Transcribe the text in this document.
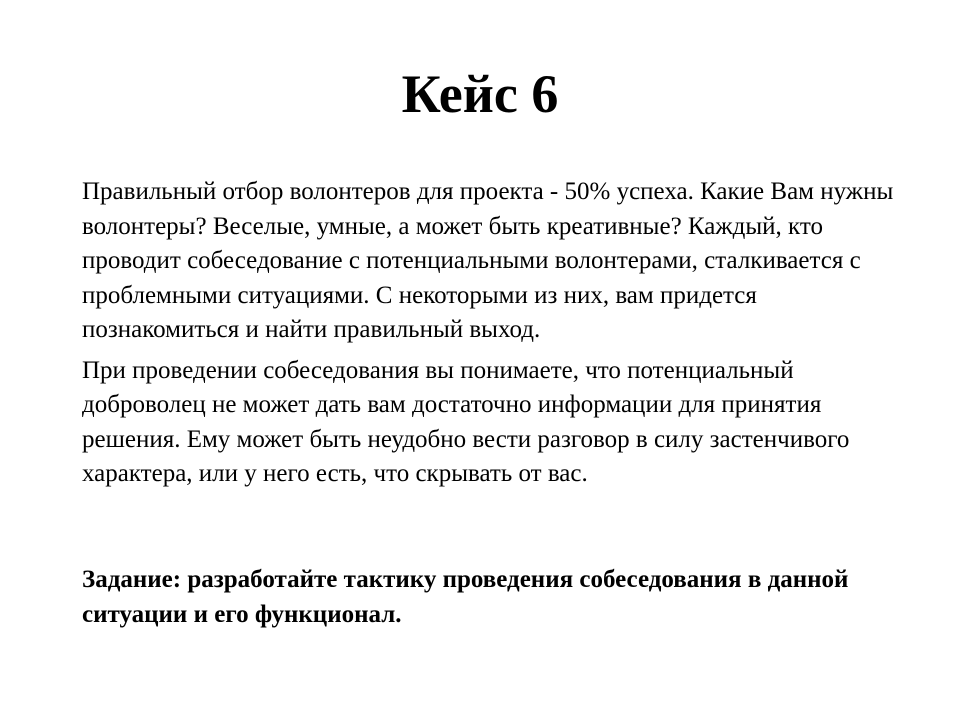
Кейс 6

Правильный отбор волонтеров для проекта - 50% успеха. Какие Вам нужны волонтеры? Веселые, умные, а может быть креативные? Каждый, кто проводит собеседование с потенциальными волонтерами, сталкивается с проблемными ситуациями. С некоторыми из них, вам придется познакомиться и найти правильный выход.

При проведении собеседования вы понимаете, что потенциальный доброволец не может дать вам достаточно информации для принятия решения. Ему может быть неудобно вести разговор в силу застенчивого характера, или у него есть, что скрывать от вас.

Задание: разработайте тактику проведения собеседования в данной ситуации и его функционал.
